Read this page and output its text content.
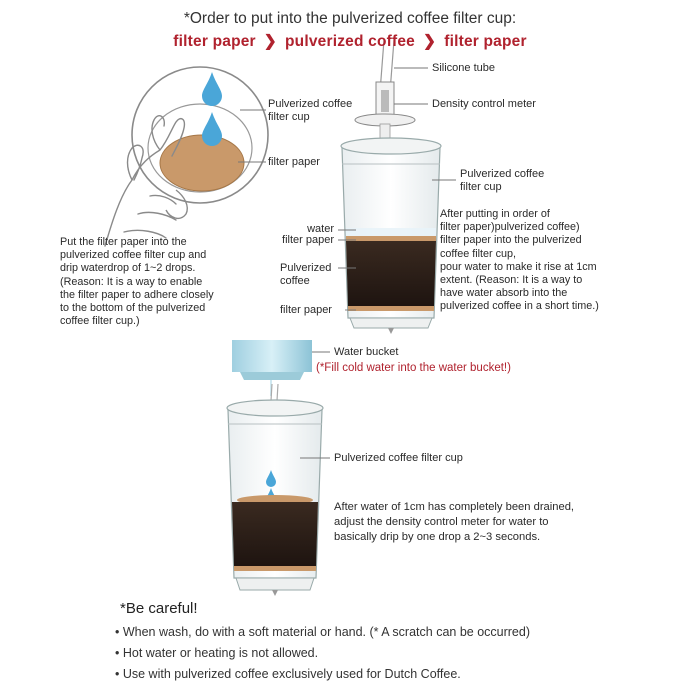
*Order to put into the pulverized coffee filter cup:
filter paper ❯ pulverized coffee ❯ filter paper
Pulverized coffee
filter cup
filter paper
Silicone tube
Density control meter
Pulverized coffee
filter cup
water
filter paper
Pulverized
coffee
filter paper
Put the filter paper into the
pulverized coffee filter cup and
drip waterdrop of 1~2 drops.
(Reason: It is a way to enable
the filter paper to adhere closely
to the bottom of the pulverized
coffee filter cup.)
After putting in order of
filter paper)pulverized coffee)
filter paper into the pulverized
coffee filter cup,
pour water to make it rise at 1cm
extent. (Reason: It is a way to
have water absorb into the
pulverized coffee in a short time.)
Water bucket
(*Fill cold water into the water bucket!)
Pulverized coffee filter cup
After water of 1cm has completely been drained,
adjust the density control meter for water to
basically drip by one drop a 2~3 seconds.
*Be careful!
• When wash, do with a soft material or hand. (* A scratch can be occurred)
• Hot water or heating is not allowed.
• Use with pulverized coffee exclusively used for Dutch Coffee.
